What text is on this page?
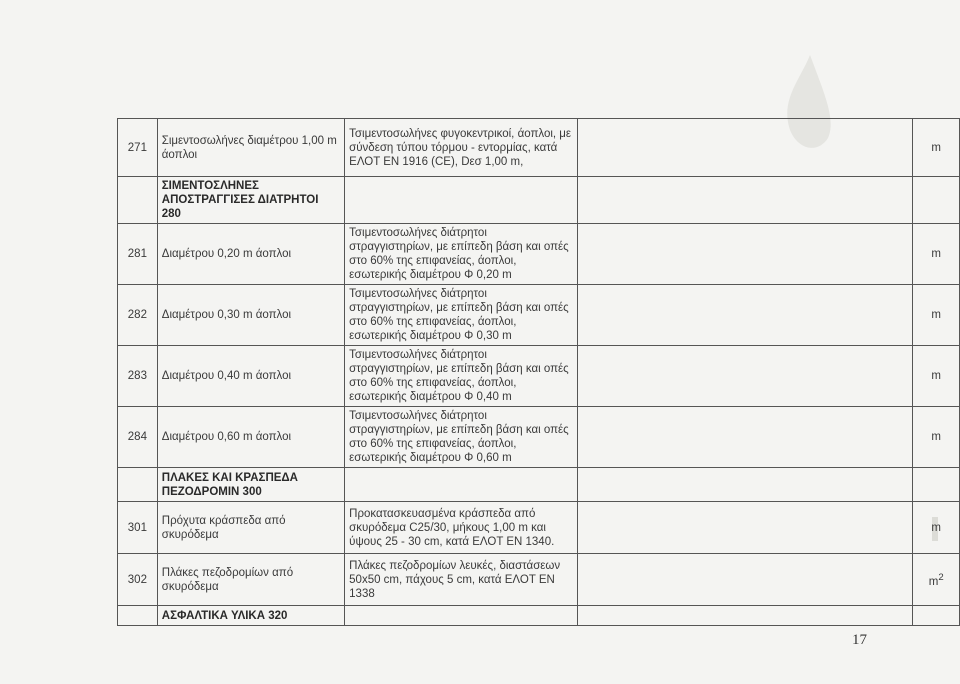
271	Σιμεντοσωλήνες διαμέτρου 1,00 m άοπλοι	Τσιμεντοσωλήνες φυγοκεντρικοί, άοπλοι, με σύνδεση τύπου τόρμου - εντορμίας, κατά ΕΛΟΤ ΕΝ 1916 (CE), Dεσ 1,00 m,		m
	ΣΙΜΕΝΤΟΣΛΗΝΕΣ ΑΠΟΣΤΡΑΓΓΙΣΕΣ ΔΙΑΤΡΗΤΟΙ 280			
281	Διαμέτρου 0,20 m άοπλοι	Τσιμεντοσωλήνες διάτρητοι στραγγιστηρίων, με επίπεδη βάση και οπές στο 60% της επιφανείας, άοπλοι, εσωτερικής διαμέτρου Φ 0,20 m		m
282	Διαμέτρου 0,30 m άοπλοι	Τσιμεντοσωλήνες διάτρητοι στραγγιστηρίων, με επίπεδη βάση και οπές στο 60% της επιφανείας, άοπλοι, εσωτερικής διαμέτρου Φ 0,30 m		m
283	Διαμέτρου 0,40 m άοπλοι	Τσιμεντοσωλήνες διάτρητοι στραγγιστηρίων, με επίπεδη βάση και οπές στο 60% της επιφανείας, άοπλοι, εσωτερικής διαμέτρου Φ 0,40 m		m
284	Διαμέτρου 0,60 m άοπλοι	Τσιμεντοσωλήνες διάτρητοι στραγγιστηρίων, με επίπεδη βάση και οπές στο 60% της επιφανείας, άοπλοι, εσωτερικής διαμέτρου Φ 0,60 m		m
	ΠΛΑΚΕΣ ΚΑΙ ΚΡΑΣΠΕΔΑ ΠΕΖΟΔΡΟΜΙΝ 300			
301	Πρόχυτα κράσπεδα από σκυρόδεμα	Προκατασκευασμένα κράσπεδα από σκυρόδεμα C25/30, μήκους 1,00 m και ύψους 25 - 30 cm, κατά ΕΛΟΤ ΕΝ 1340.		m
302	Πλάκες πεζοδρομίων από σκυρόδεμα	Πλάκες πεζοδρομίων λευκές, διαστάσεων 50x50 cm, πάχους 5 cm, κατά ΕΛΟΤ ΕΝ 1338		$m^2$
	ΑΣΦΑΛΤΙΚΑ ΥΛΙΚΑ 320			
17
